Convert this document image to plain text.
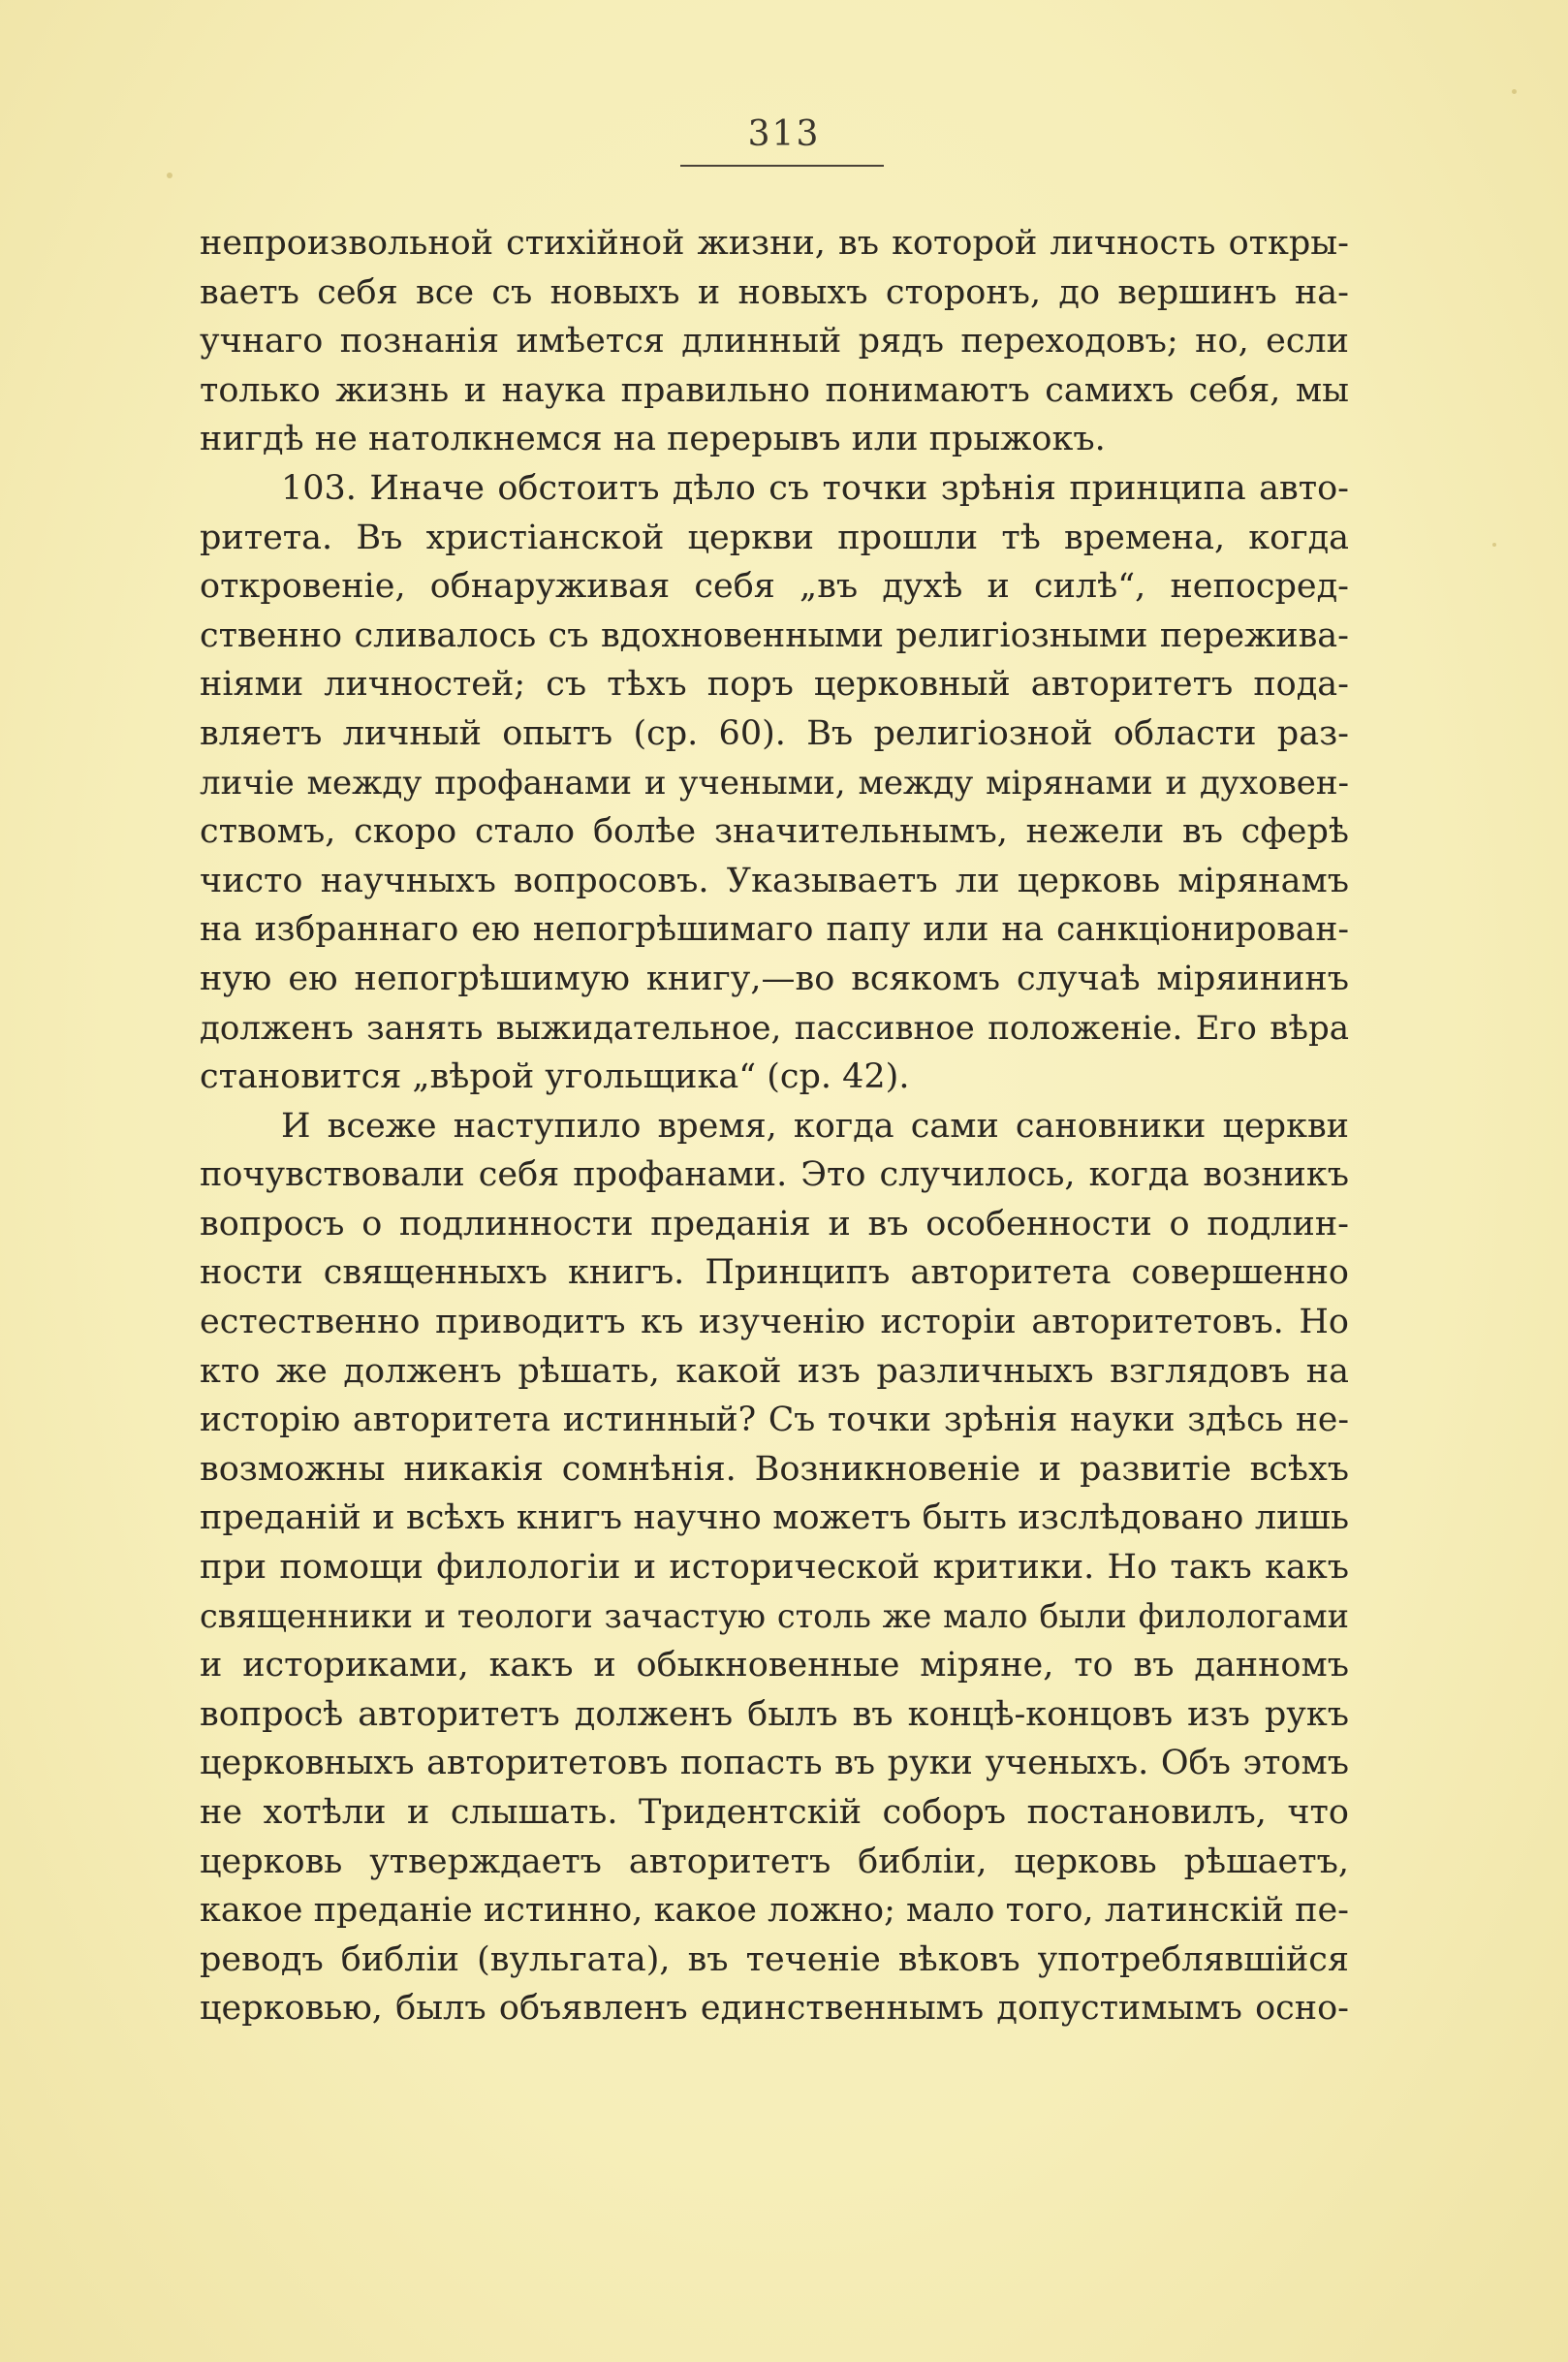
313
непроизвольной стихійной жизни, въ которой личность откры-
ваетъ себя все съ новыхъ и новыхъ сторонъ, до вершинъ на-
учнаго познанія имѣется длинный рядъ переходовъ; но, если
только жизнь и наука правильно понимаютъ самихъ себя, мы
нигдѣ не натолкнемся на перерывъ или прыжокъ.
103. Иначе обстоитъ дѣло съ точки зрѣнія принципа авто-
ритета. Въ христіанской церкви прошли тѣ времена, когда
откровеніе, обнаруживая себя „въ духѣ и силѣ“, непосред-
ственно сливалось съ вдохновенными религіозными пережива-
ніями личностей; съ тѣхъ поръ церковный авторитетъ пода-
вляетъ личный опытъ (ср. 60). Въ религіозной области раз-
личіе между профанами и учеными, между мірянами и духовен-
ствомъ, скоро стало болѣе значительнымъ, нежели въ сферѣ
чисто научныхъ вопросовъ. Указываетъ ли церковь мірянамъ
на избраннаго ею непогрѣшимаго папу или на санкціонирован-
ную ею непогрѣшимую книгу,—во всякомъ случаѣ міряининъ
долженъ занять выжидательное, пассивное положеніе. Его вѣра
становится „вѣрой угольщика“ (ср. 42).
И всеже наступило время, когда сами сановники церкви
почувствовали себя профанами. Это случилось, когда возникъ
вопросъ о подлинности преданія и въ особенности о подлин-
ности священныхъ книгъ. Принципъ авторитета совершенно
естественно приводитъ къ изученію исторіи авторитетовъ. Но
кто же долженъ рѣшать, какой изъ различныхъ взглядовъ на
исторію авторитета истинный? Съ точки зрѣнія науки здѣсь не-
возможны никакія сомнѣнія. Возникновеніе и развитіе всѣхъ
преданій и всѣхъ книгъ научно можетъ быть изслѣдовано лишь
при помощи филологіи и исторической критики. Но такъ какъ
священники и теологи зачастую столь же мало были филологами
и историками, какъ и обыкновенные міряне, то въ данномъ
вопросѣ авторитетъ долженъ былъ въ концѣ-концовъ изъ рукъ
церковныхъ авторитетовъ попасть въ руки ученыхъ. Объ этомъ
не хотѣли и слышать. Тридентскій соборъ постановилъ, что
церковь утверждаетъ авторитетъ библіи, церковь рѣшаетъ,
какое преданіе истинно, какое ложно; мало того, латинскій пе-
реводъ библіи (вульгата), въ теченіе вѣковъ употреблявшійся
церковью, былъ объявленъ единственнымъ допустимымъ осно-
